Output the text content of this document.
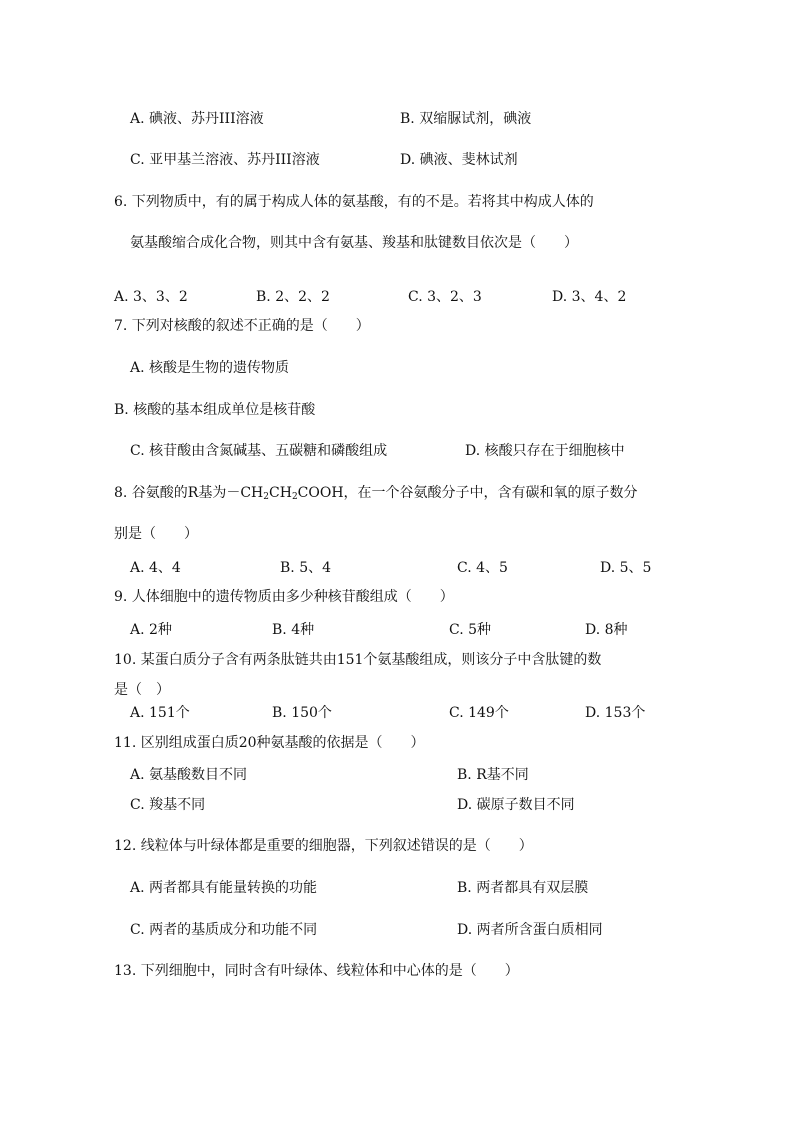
A. 碘液、苏丹III溶液	B. 双缩脲试剂，碘液
C. 亚甲基兰溶液、苏丹III溶液	D. 碘液、斐林试剂
6. 下列物质中，有的属于构成人体的氨基酸，有的不是。若将其中构成人体的
氨基酸缩合成化合物，则其中含有氨基、羧基和肽键数目依次是（　　）
A. 3、3、2	B. 2、2、2	C. 3、2、3	D. 3、4、2
7. 下列对核酸的叙述不正确的是（　　）
A. 核酸是生物的遗传物质
B. 核酸的基本组成单位是核苷酸
C. 核苷酸由含氮碱基、五碳糖和磷酸组成	D. 核酸只存在于细胞核中
8. 谷氨酸的R基为$-CH_2CH_2COOH$，在一个谷氨酸分子中，含有碳和氧的原子数分
别是（　　）
A. 4、4	B. 5、4	C. 4、5	D. 5、5
9. 人体细胞中的遗传物质由多少种核苷酸组成（　　）
A. 2种	B. 4种	C. 5种	D. 8种
10. 某蛋白质分子含有两条肽链共由151个氨基酸组成，则该分子中含肽键的数
是（　）
A. 151个	B. 150个	C. 149个	D. 153个
11. 区别组成蛋白质20种氨基酸的依据是（　　）
A. 氨基酸数目不同	B. R基不同
C. 羧基不同	D. 碳原子数目不同
12. 线粒体与叶绿体都是重要的细胞器，下列叙述错误的是（　　）
A. 两者都具有能量转换的功能	B. 两者都具有双层膜
C. 两者的基质成分和功能不同	D. 两者所含蛋白质相同
13. 下列细胞中，同时含有叶绿体、线粒体和中心体的是（　　）
